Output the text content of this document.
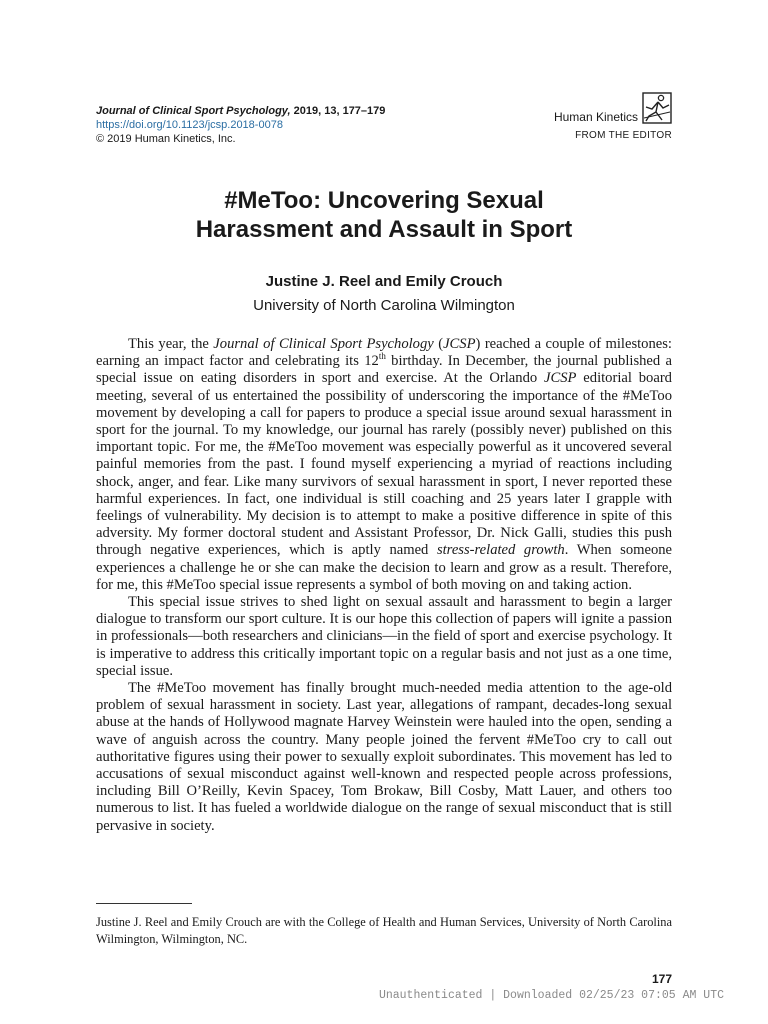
Journal of Clinical Sport Psychology, 2019, 13, 177–179
https://doi.org/10.1123/jcsp.2018-0078
© 2019 Human Kinetics, Inc.
Human Kinetics
FROM THE EDITOR
#MeToo: Uncovering Sexual
Harassment and Assault in Sport
Justine J. Reel and Emily Crouch
University of North Carolina Wilmington

This year, the Journal of Clinical Sport Psychology (JCSP) reached a couple of milestones: earning an impact factor and celebrating its 12th birthday. In December, the journal published a special issue on eating disorders in sport and exercise. At the Orlando JCSP editorial board meeting, several of us entertained the possibility of underscoring the importance of the #MeToo movement by developing a call for papers to produce a special issue around sexual harassment in sport for the journal. To my knowledge, our journal has rarely (possibly never) published on this important topic. For me, the #MeToo movement was especially powerful as it uncovered several painful memories from the past. I found myself experiencing a myriad of reactions including shock, anger, and fear. Like many survivors of sexual harassment in sport, I never reported these harmful experiences. In fact, one individual is still coaching and 25 years later I grapple with feelings of vulnerability. My decision is to attempt to make a positive difference in spite of this adversity. My former doctoral student and Assistant Professor, Dr. Nick Galli, studies this push through negative experiences, which is aptly named stress-related growth. When someone experiences a challenge he or she can make the decision to learn and grow as a result. Therefore, for me, this #MeToo special issue represents a symbol of both moving on and taking action.

This special issue strives to shed light on sexual assault and harassment to begin a larger dialogue to transform our sport culture. It is our hope this collection of papers will ignite a passion in professionals—both researchers and clinicians—in the field of sport and exercise psychology. It is imperative to address this critically important topic on a regular basis and not just as a one time, special issue.

The #MeToo movement has finally brought much-needed media attention to the age-old problem of sexual harassment in society. Last year, allegations of rampant, decades-long sexual abuse at the hands of Hollywood magnate Harvey Weinstein were hauled into the open, sending a wave of anguish across the country. Many people joined the fervent #MeToo cry to call out authoritative figures using their power to sexually exploit subordinates. This movement has led to accusations of sexual misconduct against well-known and respected people across professions, including Bill O’Reilly, Kevin Spacey, Tom Brokaw, Bill Cosby, Matt Lauer, and others too numerous to list. It has fueled a worldwide dialogue on the range of sexual misconduct that is still pervasive in society.

Justine J. Reel and Emily Crouch are with the College of Health and Human Services, University of North Carolina Wilmington, Wilmington, NC.
177
Unauthenticated | Downloaded 02/25/23 07:05 AM UTC
